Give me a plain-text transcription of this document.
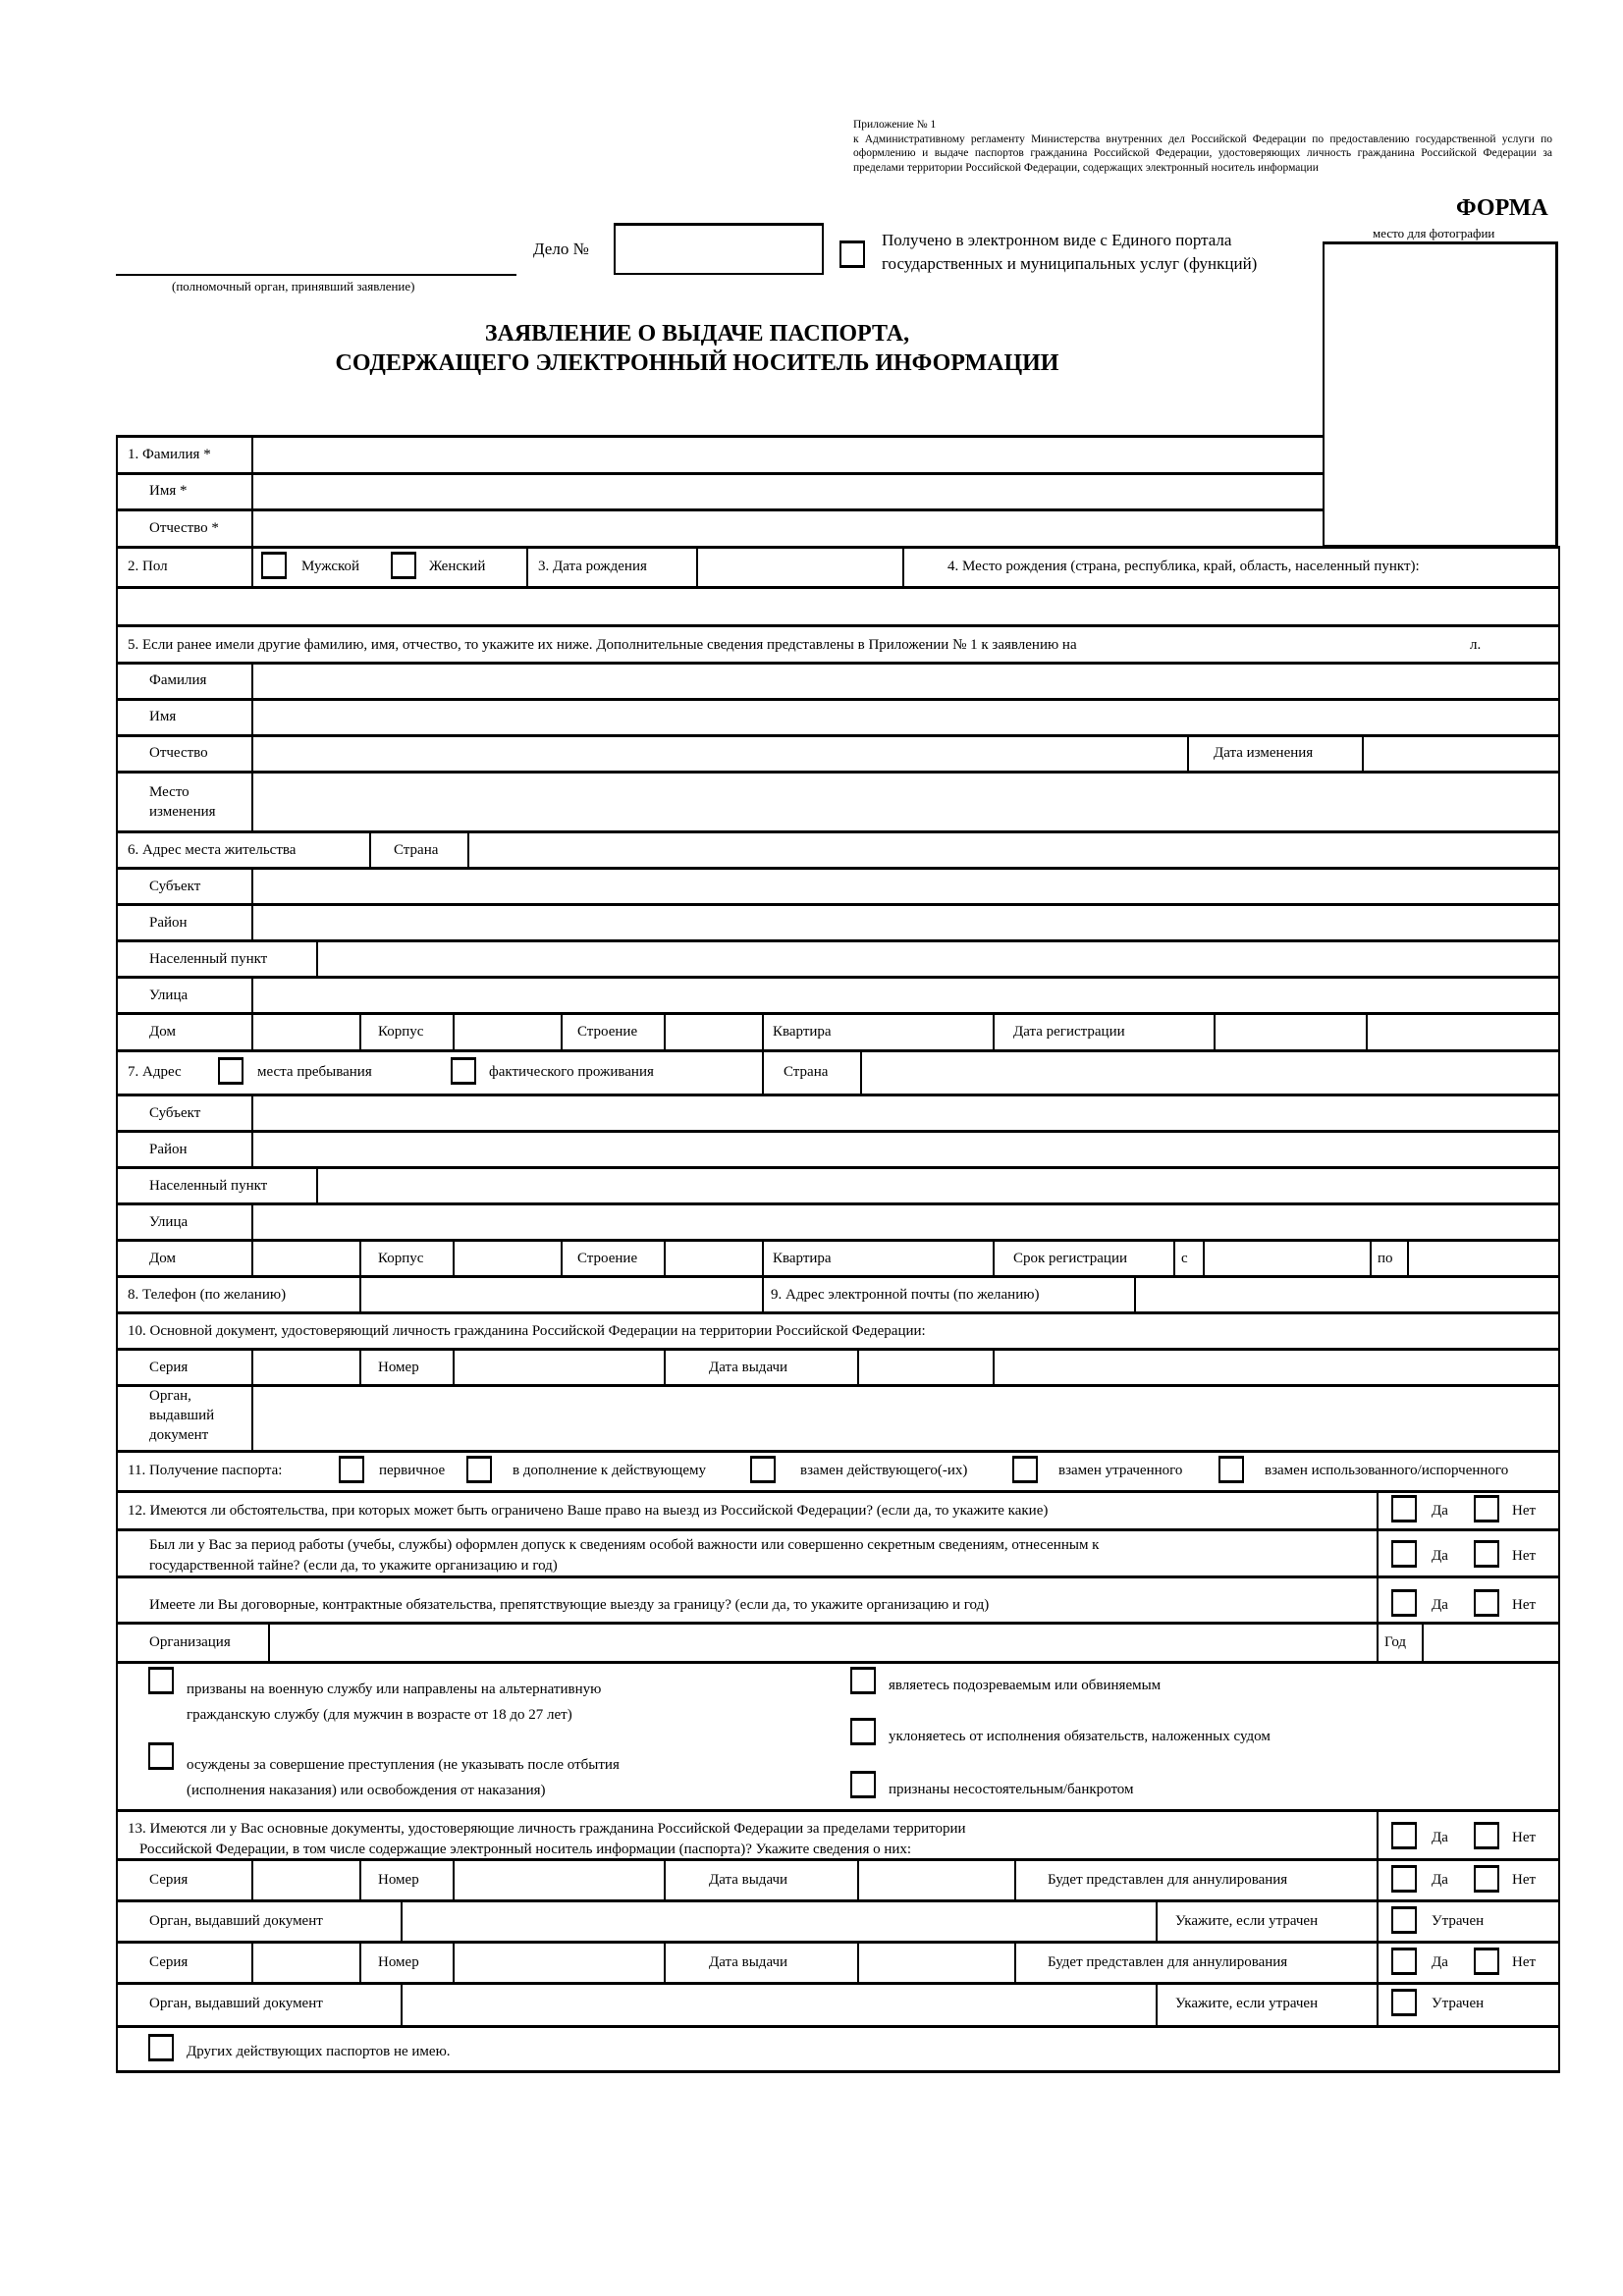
Приложение № 1
к Административному регламенту Министерства внутренних дел Российской Федерации по предоставлению государственной услуги по оформлению и выдаче паспортов гражданина Российской Федерации, удостоверяющих личность гражданина Российской Федерации за пределами территории Российской Федерации, содержащих электронный носитель информации
ФОРМА
место для фотографии
(полномочный орган, принявший заявление)
Дело №	Получено в электронном виде с Единого портала
государственных и муниципальных услуг (функций)
ЗАЯВЛЕНИЕ О ВЫДАЧЕ ПАСПОРТА,
СОДЕРЖАЩЕГО ЭЛЕКТРОННЫЙ НОСИТЕЛЬ ИНФОРМАЦИИ
1. Фамилия *
Имя *
Отчество *
2. Пол	Мужской	Женский	3. Дата рождения	4. Место рождения (страна, республика, край, область, населенный пункт):
5. Если ранее имели другие фамилию, имя, отчество, то укажите их ниже. Дополнительные сведения представлены в Приложении № 1 к заявлению на	л.
Фамилия
Имя
Отчество	Дата изменения
Место
изменения
6. Адрес места жительства	Страна
Субъект
Район
Населенный пункт
Улица
Дом	Корпус	Строение	Квартира	Дата регистрации
7. Адрес	места пребывания	фактического проживания	Страна
Субъект
Район
Населенный пункт
Улица
Дом	Корпус	Строение	Квартира	Срок регистрации	с	по
8. Телефон (по желанию)	9. Адрес электронной почты (по желанию)
10. Основной документ, удостоверяющий личность гражданина Российской Федерации на территории Российской Федерации:
Серия	Номер	Дата выдачи
Орган,
выдавший
документ
11. Получение паспорта:	первичное	в дополнение к действующему	взамен действующего(-их)	взамен утраченного	взамен использованного/испорченного
12. Имеются ли обстоятельства, при которых может быть ограничено Ваше право на выезд из Российской Федерации? (если да, то укажите какие)	Да	Нет
Был ли у Вас за период работы (учебы, службы) оформлен допуск к сведениям особой важности или совершенно секретным сведениям, отнесенным к
государственной тайне? (если да, то укажите организацию и год)
Да	Нет
Имеете ли Вы договорные, контрактные обязательства, препятствующие выезду за границу? (если да, то укажите организацию и год)	Да	Нет
Организация	Год
призваны на военную службу или направлены на альтернативную
гражданскую службу (для мужчин в возрасте от 18 до 27 лет)
осуждены за совершение преступления (не указывать после отбытия
(исполнения наказания) или освобождения от наказания)
являетесь подозреваемым или обвиняемым
уклоняетесь от исполнения обязательств, наложенных судом
признаны несостоятельным/банкротом
13. Имеются ли у Вас основные документы, удостоверяющие личность гражданина Российской Федерации за пределами территории
Российской Федерации, в том числе содержащие электронный носитель информации (паспорта)? Укажите сведения о них:
Да	Нет
Серия	Номер	Дата выдачи	Будет представлен для аннулирования	Да	Нет
Орган, выдавший документ	Укажите, если утрачен	Утрачен
Серия	Номер	Дата выдачи	Будет представлен для аннулирования	Да	Нет
Орган, выдавший документ	Укажите, если утрачен	Утрачен
Других действующих паспортов не имею.
